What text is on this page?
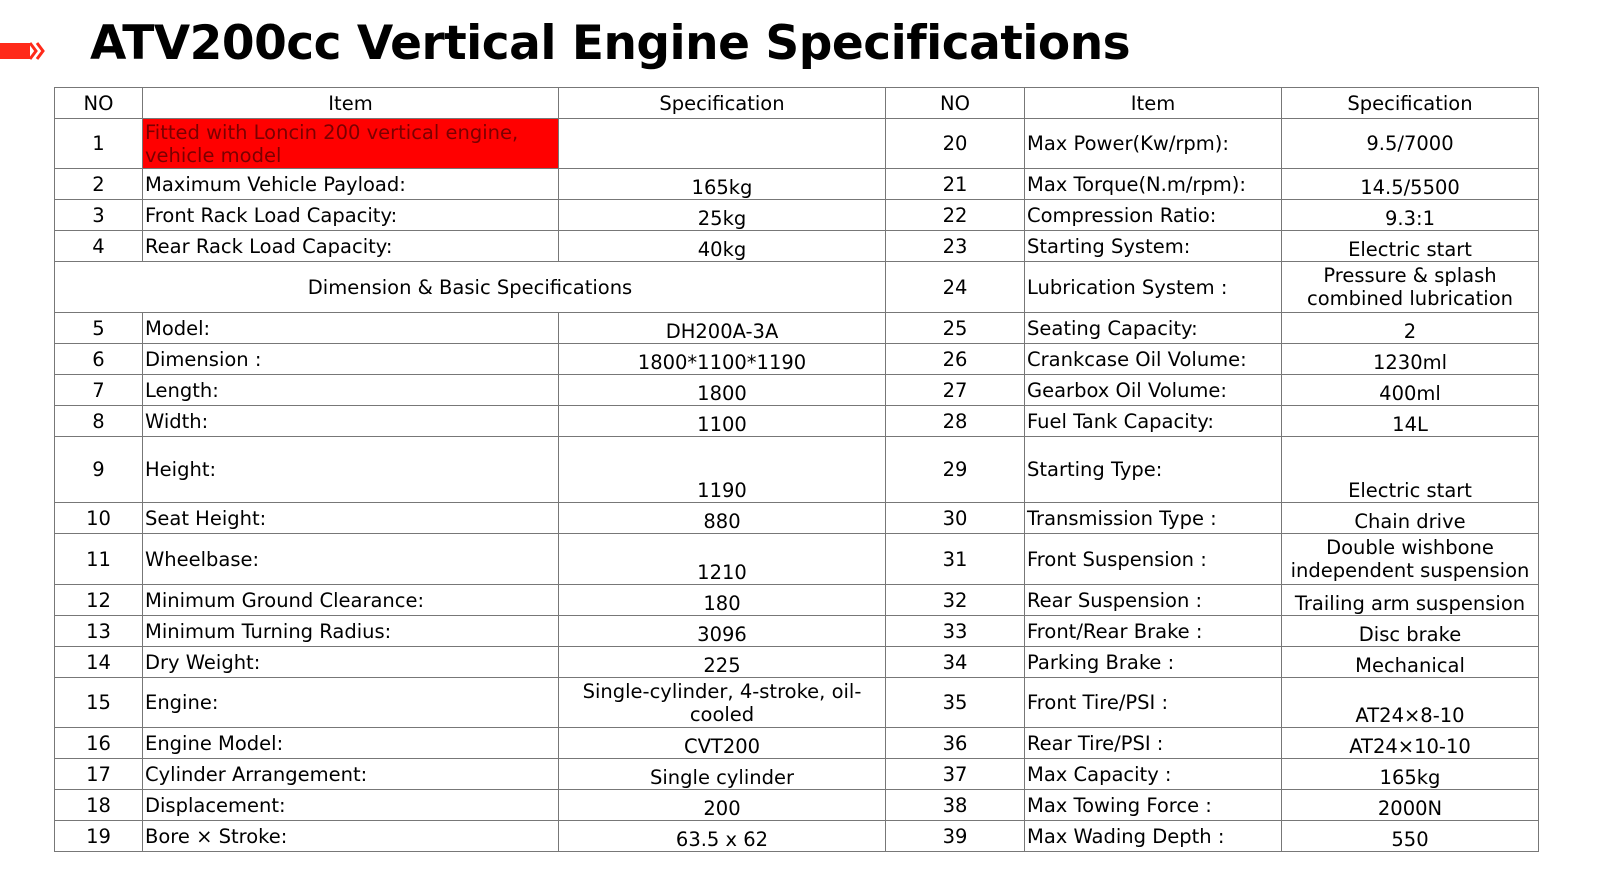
ATV200cc Vertical Engine Specifications
NO	Item	Specification	NO	Item	Specification
1	Fitted with Loncin 200 vertical engine, vehicle model		20	Max Power(Kw/rpm):	9.5/7000
2	Maximum Vehicle Payload:	165kg	21	Max Torque(N.m/rpm):	14.5/5500
3	Front Rack Load Capacity:	25kg	22	Compression Ratio:	9.3:1
4	Rear Rack Load Capacity:	40kg	23	Starting System:	Electric start
Dimension & Basic Specifications			24	Lubrication System :	Pressure & splash combined lubrication
5	Model:	DH200A-3A	25	Seating Capacity:	2
6	Dimension :	1800*1100*1190	26	Crankcase Oil Volume:	1230ml
7	Length:	1800	27	Gearbox Oil Volume:	400ml
8	Width:	1100	28	Fuel Tank Capacity:	14L
9	Height:	1190	29	Starting Type:	Electric start
10	Seat Height:	880	30	Transmission Type :	Chain drive
11	Wheelbase:	1210	31	Front Suspension :	Double wishbone independent suspension
12	Minimum Ground Clearance:	180	32	Rear Suspension :	Trailing arm suspension
13	Minimum Turning Radius:	3096	33	Front/Rear Brake :	Disc brake
14	Dry Weight:	225	34	Parking Brake :	Mechanical
15	Engine:	Single-cylinder, 4-stroke, oil-cooled	35	Front Tire/PSI :	AT24×8-10
16	Engine Model:	CVT200	36	Rear Tire/PSI :	AT24×10-10
17	Cylinder Arrangement:	Single cylinder	37	Max Capacity :	165kg
18	Displacement:	200	38	Max Towing Force :	2000N
19	Bore × Stroke:	63.5 x 62	39	Max Wading Depth :	550
